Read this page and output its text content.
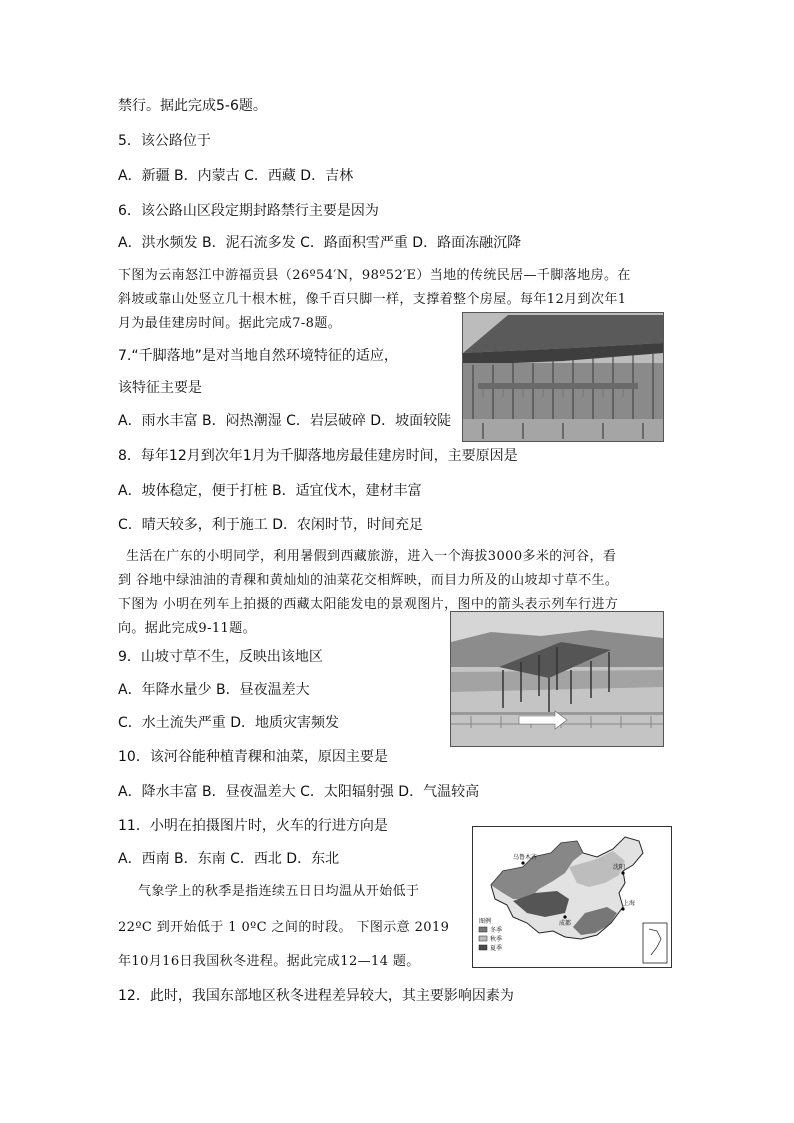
禁行。据此完成5-6题。
5．该公路位于
A．新疆 B．内蒙古 C．西藏 D．吉林
6．该公路山区段定期封路禁行主要是因为
A．洪水频发 B．泥石流多发 C．路面积雪严重 D．路面冻融沉降
下图为云南怒江中游福贡县（26º54′N，98º52′E）当地的传统民居—千脚落地房。在
斜坡或靠山处竖立几十根木桩，像千百只脚一样，支撑着整个房屋。每年12月到次年1
月为最佳建房时间。据此完成7-8题。
7.“千脚落地”是对当地自然环境特征的适应，
该特征主要是
A．雨水丰富 B．闷热潮湿 C．岩层破碎 D．坡面较陡
8．每年12月到次年1月为千脚落地房最佳建房时间，主要原因是
A．坡体稳定，便于打桩 B．适宜伐木，建材丰富
C．晴天较多，利于施工 D．农闲时节，时间充足
生活在广东的小明同学，利用暑假到西藏旅游，进入一个海拔3000多米的河谷，看
到 谷地中绿油油的青稞和黄灿灿的油菜花交相辉映，而目力所及的山坡却寸草不生。
下图为 小明在列车上拍摄的西藏太阳能发电的景观图片，图中的箭头表示列车行进方
向。据此完成9-11题。
9．山坡寸草不生，反映出该地区
A．年降水量少 B．昼夜温差大
C．水土流失严重 D．地质灾害频发
10．该河谷能种植青稞和油菜，原因主要是
A．降水丰富 B．昼夜温差大 C．太阳辐射强 D．气温较高
11．小明在拍摄图片时，火车的行进方向是
A．西南 B．东南 C．西北 D．东北
气象学上的秋季是指连续五日日均温从开始低于
22ºC 到开始低于 1 0ºC 之间的时段。 下图示意 2019
年10月16日我国秋冬进程。据此完成12—14 题。
12．此时，我国东部地区秋冬进程差异较大，其主要影响因素为
乌鲁木齐
沈阳
上海
成都
图例
冬季
秋季
夏季
